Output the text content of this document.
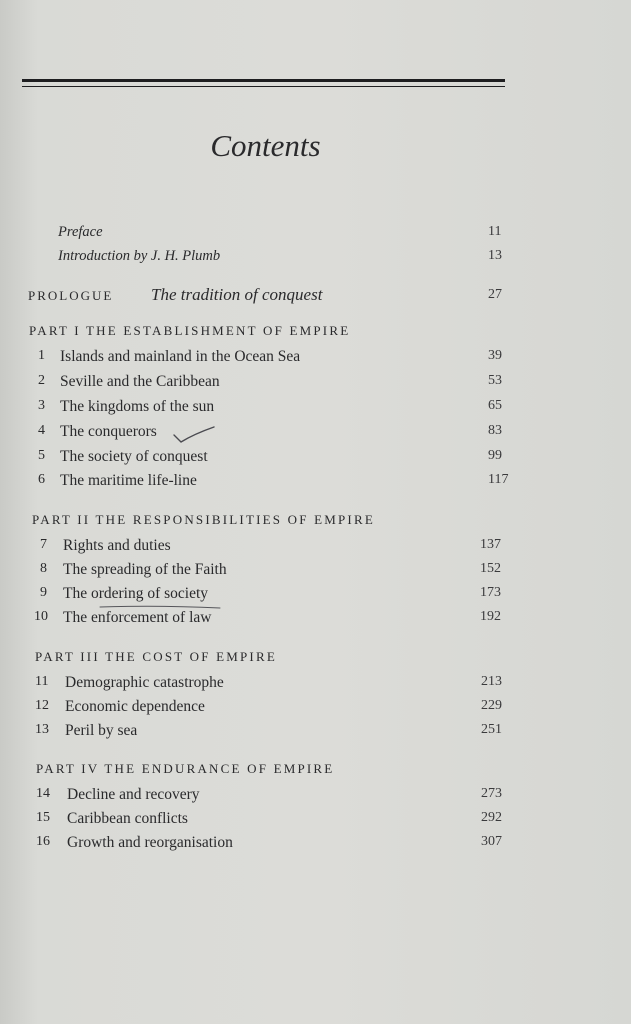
Contents
Preface	11
Introduction by J. H. Plumb	13
PROLOGUE The tradition of conquest	27
PART I THE ESTABLISHMENT OF EMPIRE
1 Islands and mainland in the Ocean Sea	39
2 Seville and the Caribbean	53
3 The kingdoms of the sun	65
4 The conquerors	83
5 The society of conquest	99
6 The maritime life-line	117
PART II THE RESPONSIBILITIES OF EMPIRE
7 Rights and duties	137
8 The spreading of the Faith	152
9 The ordering of society	173
10 The enforcement of law	192
PART III THE COST OF EMPIRE
11 Demographic catastrophe	213
12 Economic dependence	229
13 Peril by sea	251
PART IV THE ENDURANCE OF EMPIRE
14 Decline and recovery	273
15 Caribbean conflicts	292
16 Growth and reorganisation	307
